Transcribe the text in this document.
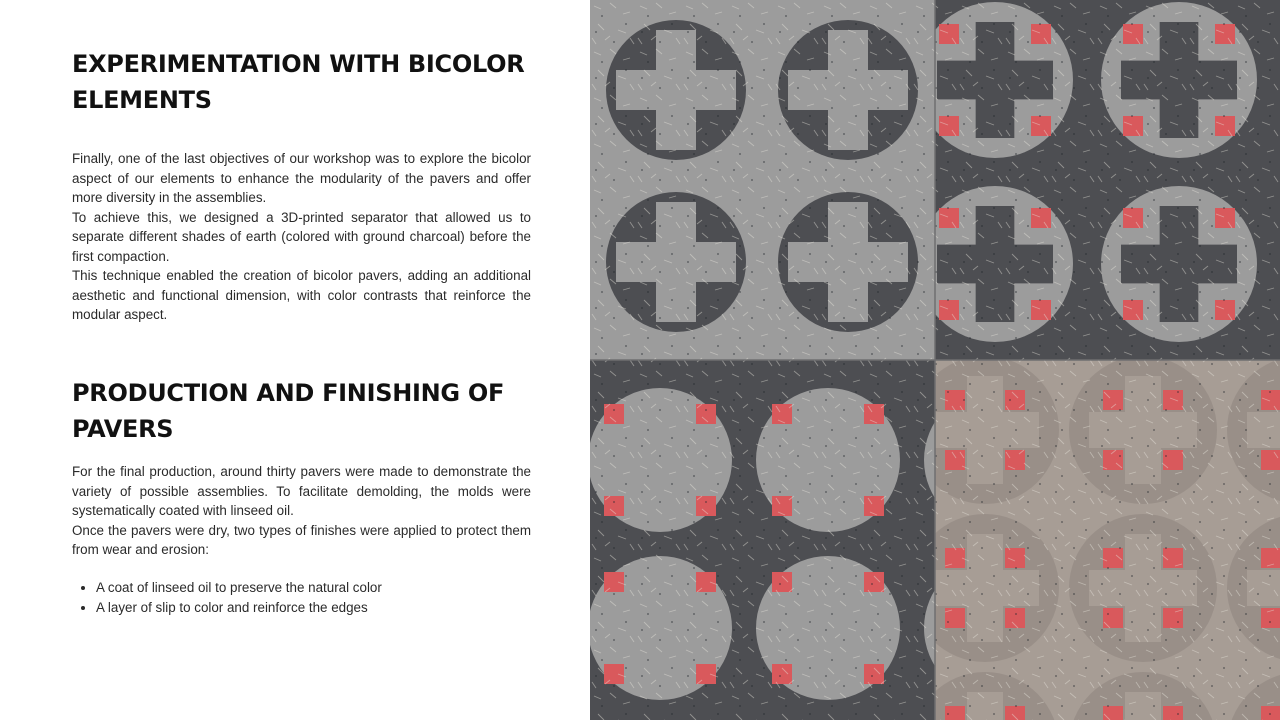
EXPERIMENTATION WITH BICOLOR ELEMENTS

Finally, one of the last objectives of our workshop was to explore the bicolor aspect of our elements to enhance the modularity of the pavers and offer more diversity in the assemblies.

To achieve this, we designed a 3D-printed separator that allowed us to separate different shades of earth (colored with ground charcoal) before the first compaction.

This technique enabled the creation of bicolor pavers, adding an additional aesthetic and functional dimension, with color contrasts that reinforce the modular aspect.

PRODUCTION AND FINISHING OF PAVERS

For the final production, around thirty pavers were made to demonstrate the variety of possible assemblies. To facilitate demolding, the molds were systematically coated with linseed oil.

Once the pavers were dry, two types of finishes were applied to protect them from wear and erosion:

• A coat of linseed oil to preserve the natural color
• A layer of slip to color and reinforce the edges
